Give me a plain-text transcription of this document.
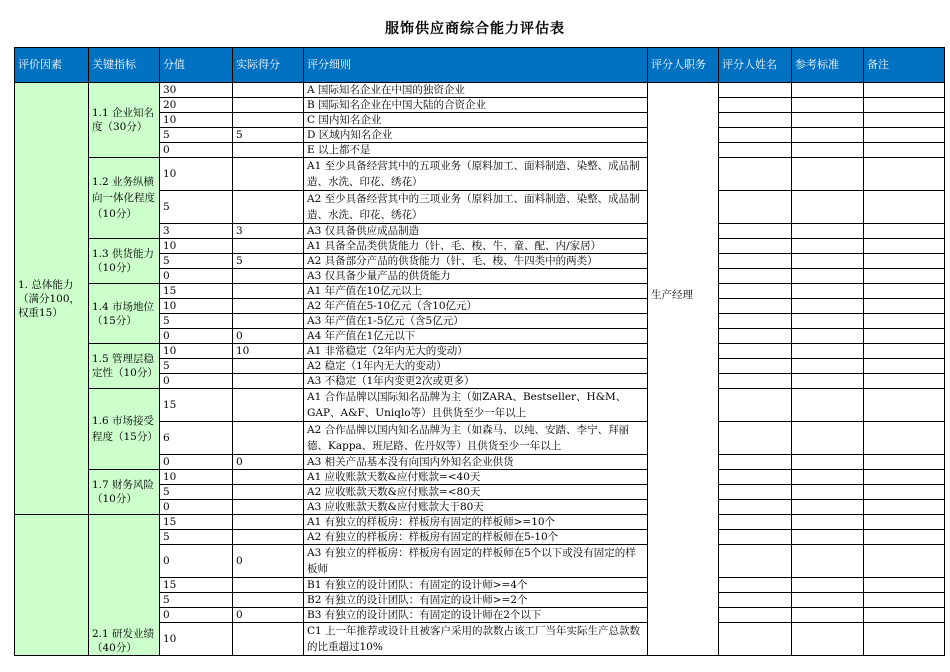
服饰供应商综合能力评估表
评价因素	关键指标	分值	实际得分	评分细则	评分人职务	评分人姓名	参考标准	备注

1. 总体能力（满分100，权重15）	1.1 企业知名度（30分）	30		A 国际知名企业在中国的独资企业	生产经理			
		20		B 国际知名企业在中国大陆的合资企业				
		10		C 国内知名企业				
		5	5	D 区域内知名企业				
		0		E 以上都不是				
	1.2 业务纵横向一体化程度（10分）	10		A1 至少具备经营其中的五项业务（原料加工、面料制造、染整、成品制造、水洗、印花、绣花）				
		5		A2 至少具备经营其中的三项业务（原料加工、面料制造、染整、成品制造、水洗、印花、绣花）				
		3	3	A3 仅具备供应成品制造				
	1.3 供货能力（10分）	10		A1 具备全品类供货能力（针、毛、梭、牛、童、配、内/家居）				
		5	5	A2 具备部分产品的供货能力（针、毛、梭、牛四类中的两类）				
		0		A3 仅具备少量产品的供货能力				
	1.4 市场地位（15分）	15		A1 年产值在10亿元以上				
		10		A2 年产值在5-10亿元（含10亿元）				
		5		A3 年产值在1-5亿元（含5亿元）				
		0	0	A4 年产值在1亿元以下				
	1.5 管理层稳定性（10分）	10	10	A1 非常稳定（2年内无大的变动）				
		5		A2 稳定（1年内无大的变动）				
		0		A3 不稳定（1年内变更2次或更多）				
	1.6 市场接受程度（15分）	15		A1 合作品牌以国际知名品牌为主（如ZARA、Bestseller、H&M、GAP、A&F、Uniqlo等）且供货至少一年以上				
		6		A2 合作品牌以国内知名品牌为主（如森马、以纯、安踏、李宁、拜丽德、Kappa、班尼路、佐丹奴等）且供货至少一年以上				
		0	0	A3 相关产品基本没有向国内外知名企业供货				
	1.7 财务风险（10分）	10		A1 应收账款天数&应付账款=<40天				
		5		A2 应收账款天数&应付账款=<80天				
		0		A3 应收账款天数&应付账款大于80天				
	2.1 研发业绩（40分）	15		A1 有独立的样板房：样板房有固定的样板师>=10个				
		5		A2 有独立的样板房：样板房有固定的样板师在5-10个				
		0	0	A3 有独立的样板房：样板房有固定的样板师在5个以下或没有固定的样板师				
		15		B1 有独立的设计团队：有固定的设计师>=4个				
		5		B2 有独立的设计团队：有固定的设计师>=2个				
		0	0	B3 有独立的设计团队：有固定的设计师在2个以下				
		10		C1 上一年推荐或设计且被客户采用的款数占该工厂当年实际生产总款数的比重超过10%				
